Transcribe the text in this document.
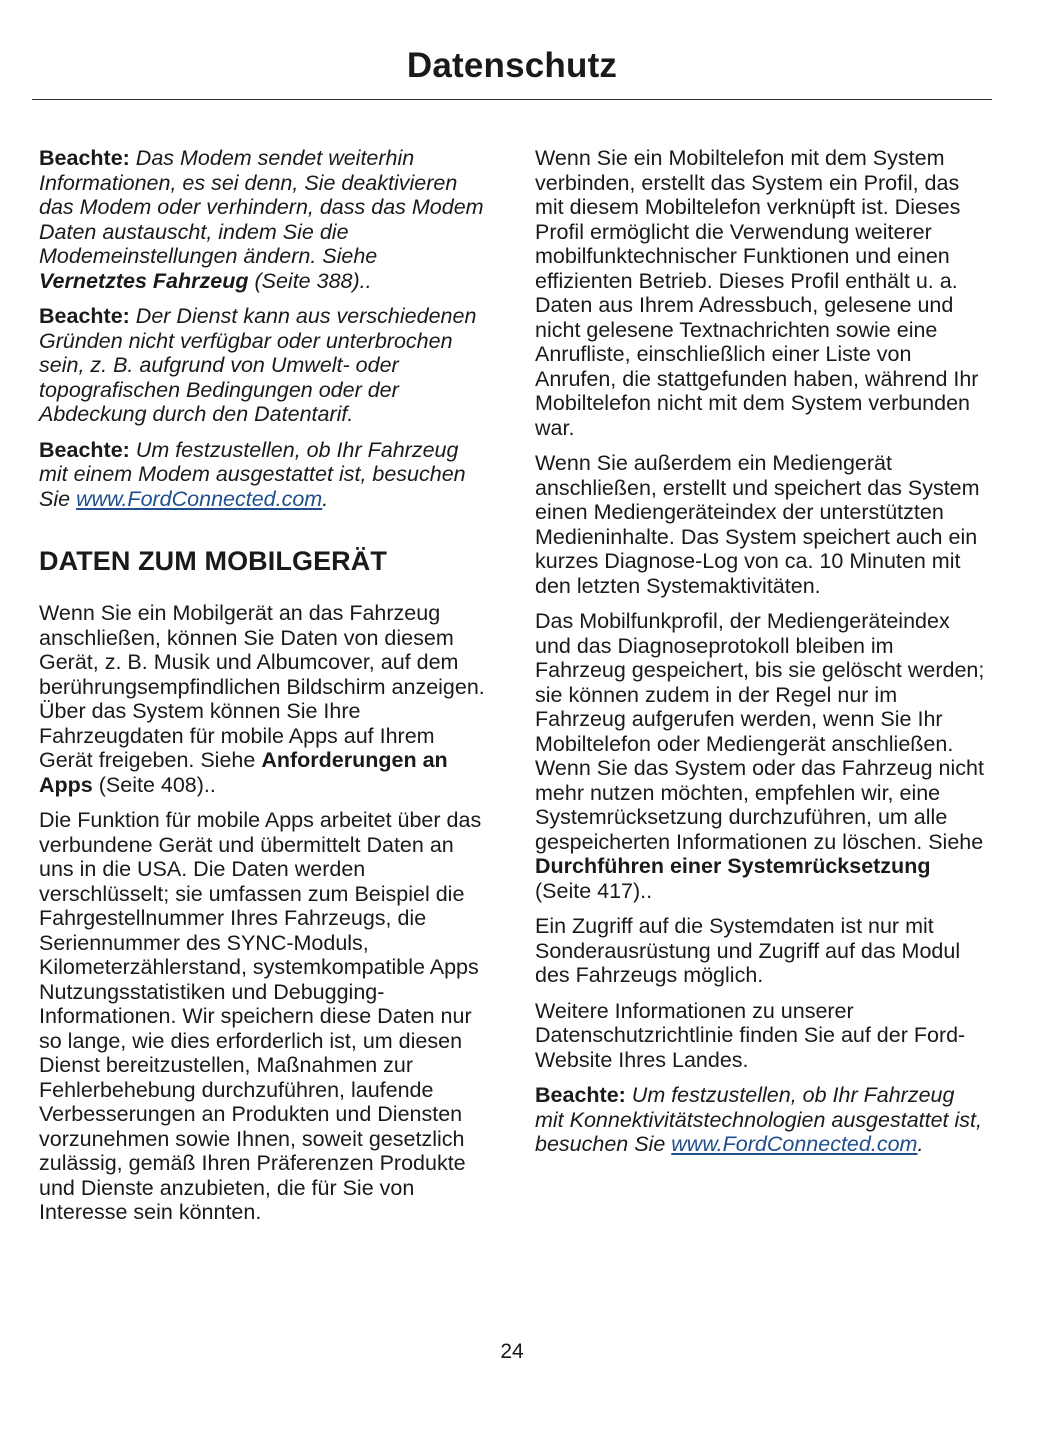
Datenschutz

Beachte: Das Modem sendet weiterhin Informationen, es sei denn, Sie deaktivieren das Modem oder verhindern, dass das Modem Daten austauscht, indem Sie die Modemeinstellungen ändern. Siehe Vernetztes Fahrzeug (Seite 388)..

Beachte: Der Dienst kann aus verschiedenen Gründen nicht verfügbar oder unterbrochen sein, z. B. aufgrund von Umwelt- oder topografischen Bedingungen oder der Abdeckung durch den Datentarif.

Beachte: Um festzustellen, ob Ihr Fahrzeug mit einem Modem ausgestattet ist, besuchen Sie www.FordConnected.com.

DATEN ZUM MOBILGERÄT

Wenn Sie ein Mobilgerät an das Fahrzeug anschließen, können Sie Daten von diesem Gerät, z. B. Musik und Albumcover, auf dem berührungsempfindlichen Bildschirm anzeigen. Über das System können Sie Ihre Fahrzeugdaten für mobile Apps auf Ihrem Gerät freigeben. Siehe Anforderungen an Apps (Seite 408)..

Die Funktion für mobile Apps arbeitet über das verbundene Gerät und übermittelt Daten an uns in die USA. Die Daten werden verschlüsselt; sie umfassen zum Beispiel die Fahrgestellnummer Ihres Fahrzeugs, die Seriennummer des SYNC-Moduls, Kilometerzählerstand, systemkompatible Apps Nutzungsstatistiken und Debugging-Informationen. Wir speichern diese Daten nur so lange, wie dies erforderlich ist, um diesen Dienst bereitzustellen, Maßnahmen zur Fehlerbehebung durchzuführen, laufende Verbesserungen an Produkten und Diensten vorzunehmen sowie Ihnen, soweit gesetzlich zulässig, gemäß Ihren Präferenzen Produkte und Dienste anzubieten, die für Sie von Interesse sein könnten.

Wenn Sie ein Mobiltelefon mit dem System verbinden, erstellt das System ein Profil, das mit diesem Mobiltelefon verknüpft ist. Dieses Profil ermöglicht die Verwendung weiterer mobilfunktechnischer Funktionen und einen effizienten Betrieb. Dieses Profil enthält u. a. Daten aus Ihrem Adressbuch, gelesene und nicht gelesene Textnachrichten sowie eine Anrufliste, einschließlich einer Liste von Anrufen, die stattgefunden haben, während Ihr Mobiltelefon nicht mit dem System verbunden war.

Wenn Sie außerdem ein Mediengerät anschließen, erstellt und speichert das System einen Mediengeräteindex der unterstützten Medieninhalte. Das System speichert auch ein kurzes Diagnose-Log von ca. 10 Minuten mit den letzten Systemaktivitäten.

Das Mobilfunkprofil, der Mediengeräteindex und das Diagnoseprotokoll bleiben im Fahrzeug gespeichert, bis sie gelöscht werden; sie können zudem in der Regel nur im Fahrzeug aufgerufen werden, wenn Sie Ihr Mobiltelefon oder Mediengerät anschließen. Wenn Sie das System oder das Fahrzeug nicht mehr nutzen möchten, empfehlen wir, eine Systemrücksetzung durchzuführen, um alle gespeicherten Informationen zu löschen. Siehe Durchführen einer Systemrücksetzung (Seite 417)..

Ein Zugriff auf die Systemdaten ist nur mit Sonderausrüstung und Zugriff auf das Modul des Fahrzeugs möglich.

Weitere Informationen zu unserer Datenschutzrichtlinie finden Sie auf der Ford-Website Ihres Landes.

Beachte: Um festzustellen, ob Ihr Fahrzeug mit Konnektivitätstechnologien ausgestattet ist, besuchen Sie www.FordConnected.com.

24
